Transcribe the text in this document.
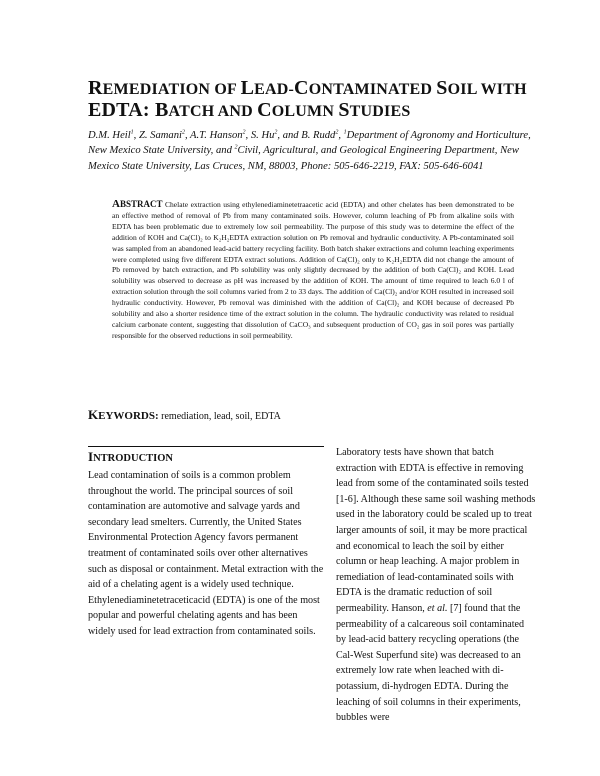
REMEDIATION OF LEAD-CONTAMINATED SOIL WITH
EDTA: BATCH AND COLUMN STUDIES
D.M. Heil$^1$, Z. Samani$^2$, A.T. Hanson$^2$, S. Hu$^2$, and B. Rudd$^2$, $^1$Department of Agronomy and Horticulture, New Mexico State University, and $^2$Civil, Agricultural, and Geological Engineering Department, New Mexico State University, Las Cruces, NM, 88003, Phone: 505-646-2219, FAX: 505-646-6041
ABSTRACT Chelate extraction using ethylenediaminetetraacetic acid (EDTA) and other chelates has been demonstrated to be an effective method of removal of Pb from many contaminated soils. However, column leaching of Pb from alkaline soils with EDTA has been problematic due to extremely low soil permeability. The purpose of this study was to determine the effect of the addition of KOH and Ca(Cl)₂ to K₂H₂EDTA extraction solution on Pb removal and hydraulic conductivity. A Pb-contaminated soil was sampled from an abandoned lead-acid battery recycling facility. Both batch shaker extractions and column leaching experiments were completed using five different EDTA extract solutions. Addition of Ca(Cl)₂ only to K₂H₂EDTA did not change the amount of Pb removed by batch extraction, and Pb solubility was only slightly decreased by the addition of both Ca(Cl)₂ and KOH. Lead solubility was observed to decrease as pH was increased by the addition of KOH. The amount of time required to leach 6.0 l of extraction solution through the soil columns varied from 2 to 33 days. The addition of Ca(Cl)₂ and/or KOH resulted in increased soil hydraulic conductivity. However, Pb removal was diminished with the addition of Ca(Cl)₂ and KOH because of decreased Pb solubility and also a shorter residence time of the extract solution in the column. The hydraulic conductivity was related to residual calcium carbonate content, suggesting that dissolution of CaCO₃ and subsequent production of CO₂ gas in soil pores was partially responsible for the observed reductions in soil permeability.
KEYWORDS: remediation, lead, soil, EDTA
INTRODUCTION
Lead contamination of soils is a common problem throughout the world. The principal sources of soil contamination are automotive and salvage yards and secondary lead smelters. Currently, the United States Environmental Protection Agency favors permanent treatment of contaminated soils over other alternatives such as disposal or containment. Metal extraction with the aid of a chelating agent is a widely used technique. Ethylenediaminetetraceticacid (EDTA) is one of the most popular and powerful chelating agents and has been widely used for lead extraction from contaminated soils.
Laboratory tests have shown that batch extraction with EDTA is effective in removing lead from some of the contaminated soils tested [1-6]. Although these same soil washing methods used in the laboratory could be scaled up to treat larger amounts of soil, it may be more practical and economical to leach the soil by either column or heap leaching. A major problem in remediation of lead-contaminated soils with EDTA is the dramatic reduction of soil permeability. Hanson, et al. [7] found that the permeability of a calcareous soil contaminated by lead-acid battery recycling operations (the Cal-West Superfund site) was decreased to an extremely low rate when leached with di-potassium, di-hydrogen EDTA. During the leaching of soil columns in their experiments, bubbles were
